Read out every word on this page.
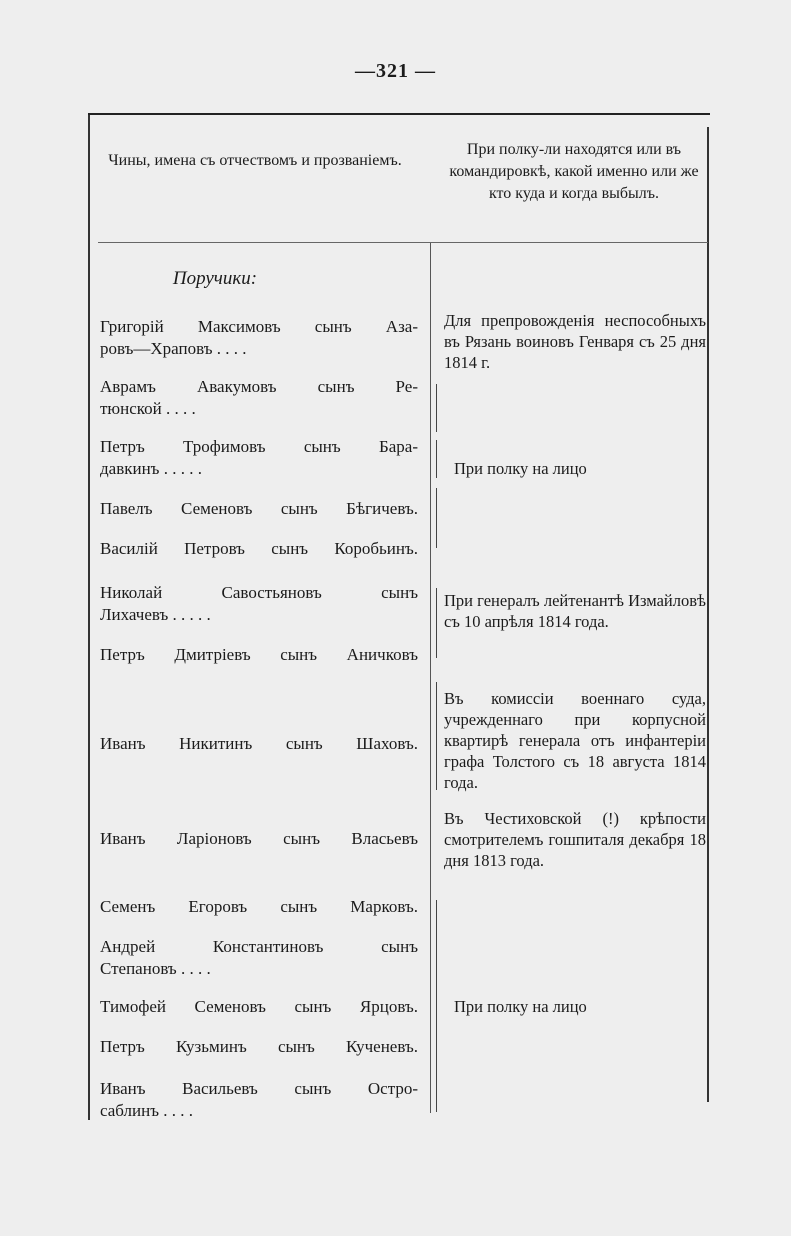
—321 —
Чины, имена съ отчествомъ и прозваніемъ.
При полку-ли находятся или въ командировкѣ, какой именно или же кто куда и когда выбылъ.
Поручики:
Григорій Максимовъ сынъ Аза-
ровъ—Храповъ . . . .
Аврамъ Авакумовъ сынъ Ре-
тюнской . . . .
Петръ Трофимовъ сынъ Бара-
давкинъ . . . . .
Павелъ Семеновъ сынъ Бѣгичевъ.
Василій Петровъ сынъ Коробьинъ.
Николай Савостьяновъ сынъ
Лихачевъ . . . . .
Петръ Дмитріевъ сынъ Аничковъ
Иванъ Никитинъ сынъ Шаховъ.
Иванъ Ларіоновъ сынъ Власьевъ
Семенъ Егоровъ сынъ Марковъ.
Андрей Константиновъ сынъ
Степановъ . . . .
Тимофей Семеновъ сынъ Ярцовъ.
Петръ Кузьминъ сынъ Кученевъ.
Иванъ Васильевъ сынъ Остро-
саблинъ . . . .
Для препровожденія неспособныхъ въ Рязань воиновъ Генваря съ 25 дня 1814 г.
При полку на лицо
При генералъ лейтенантѣ Измайловѣ съ 10 апрѣля 1814 года.
Въ комиссіи военнаго суда, учрежденнаго при корпусной квартирѣ генерала отъ инфантеріи графа Толстого съ 18 августа 1814 года.
Въ Честиховской (!) крѣпости смотрителемъ гошпиталя декабря 18 дня 1813 года.
При полку на лицо
